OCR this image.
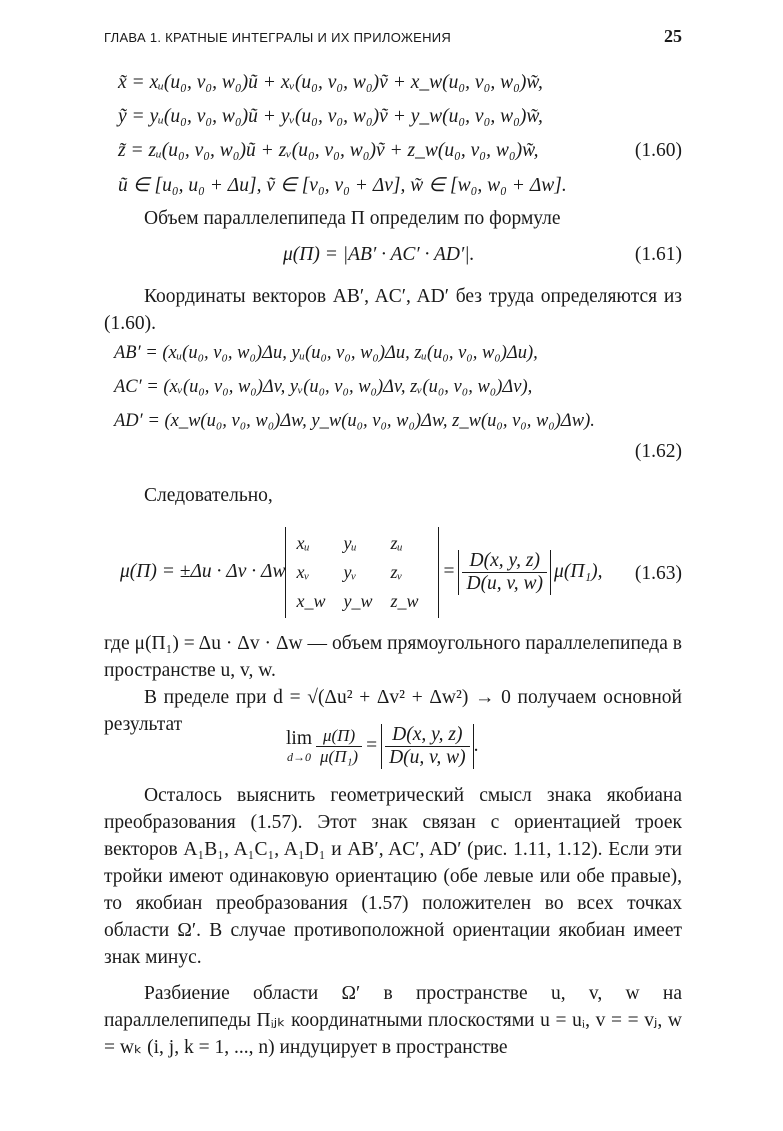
ГЛАВА 1. КРАТНЫЕ ИНТЕГРАЛЫ И ИХ ПРИЛОЖЕНИЯ	25
x̃ = xᵤ(u₀, v₀, w₀)ũ + xᵥ(u₀, v₀, w₀)ṽ + x_w(u₀, v₀, w₀)w̃,
ỹ = yᵤ(u₀, v₀, w₀)ũ + yᵥ(u₀, v₀, w₀)ṽ + y_w(u₀, v₀, w₀)w̃,
z̃ = zᵤ(u₀, v₀, w₀)ũ + zᵥ(u₀, v₀, w₀)ṽ + z_w(u₀, v₀, w₀)w̃,	(1.60)
ũ ∈ [u₀, u₀ + Δu], ṽ ∈ [v₀, v₀ + Δv], w̃ ∈ [w₀, w₀ + Δw].
Объем параллелепипеда Π определим по формуле
μ(Π) = |AB′ · AC′ · AD′|.	(1.61)
Координаты векторов AB′, AC′, AD′ без труда определяются из (1.60).
AB′ = (xᵤ(u₀, v₀, w₀)Δu, yᵤ(u₀, v₀, w₀)Δu, zᵤ(u₀, v₀, w₀)Δu),
AC′ = (xᵥ(u₀, v₀, w₀)Δv, yᵥ(u₀, v₀, w₀)Δv, zᵥ(u₀, v₀, w₀)Δv),
AD′ = (x_w(u₀, v₀, w₀)Δw, y_w(u₀, v₀, w₀)Δw, z_w(u₀, v₀, w₀)Δw).
(1.62)
Следовательно,
μ(Π) = ±Δu · Δv · Δw
xᵤ	yᵤ	zᵤ
xᵥ	yᵥ	zᵥ
x_w	y_w	z_w
= $\frac{D(x, y, z)}{D(u, v, w)} \mu(\Pi_1)$, (1.63)
где μ(Π₁) = Δu · Δv · Δw — объем прямоугольного параллелепипеда в пространстве u, v, w.
В пределе при d = √(Δu² + Δv² + Δw²) → 0 получаем основной результат
lim
$d\to 0 \frac{\mu(\Pi)}{\text{μ(Π₁)}} = \frac{D(x, y, z)}{D(u, v, w)}$ .
Осталось выяснить геометрический смысл знака якобиана преобразования (1.57). Этот знак связан с ориентацией троек векторов A₁B₁, A₁C₁, A₁D₁ и AB′, AC′, AD′ (рис. 1.11, 1.12). Если эти тройки имеют одинаковую ориентацию (обе левые или обе правые), то якобиан преобразования (1.57) положителен во всех точках области Ω′. В случае противоположной ориентации якобиан имеет знак минус.
Разбиение области Ω′ в пространстве u, v, w на параллелепипеды Πᵢⱼₖ координатными плоскостями u = uᵢ, v = = vⱼ, w = wₖ (i, j, k = 1, ..., n) индуцирует в пространстве
